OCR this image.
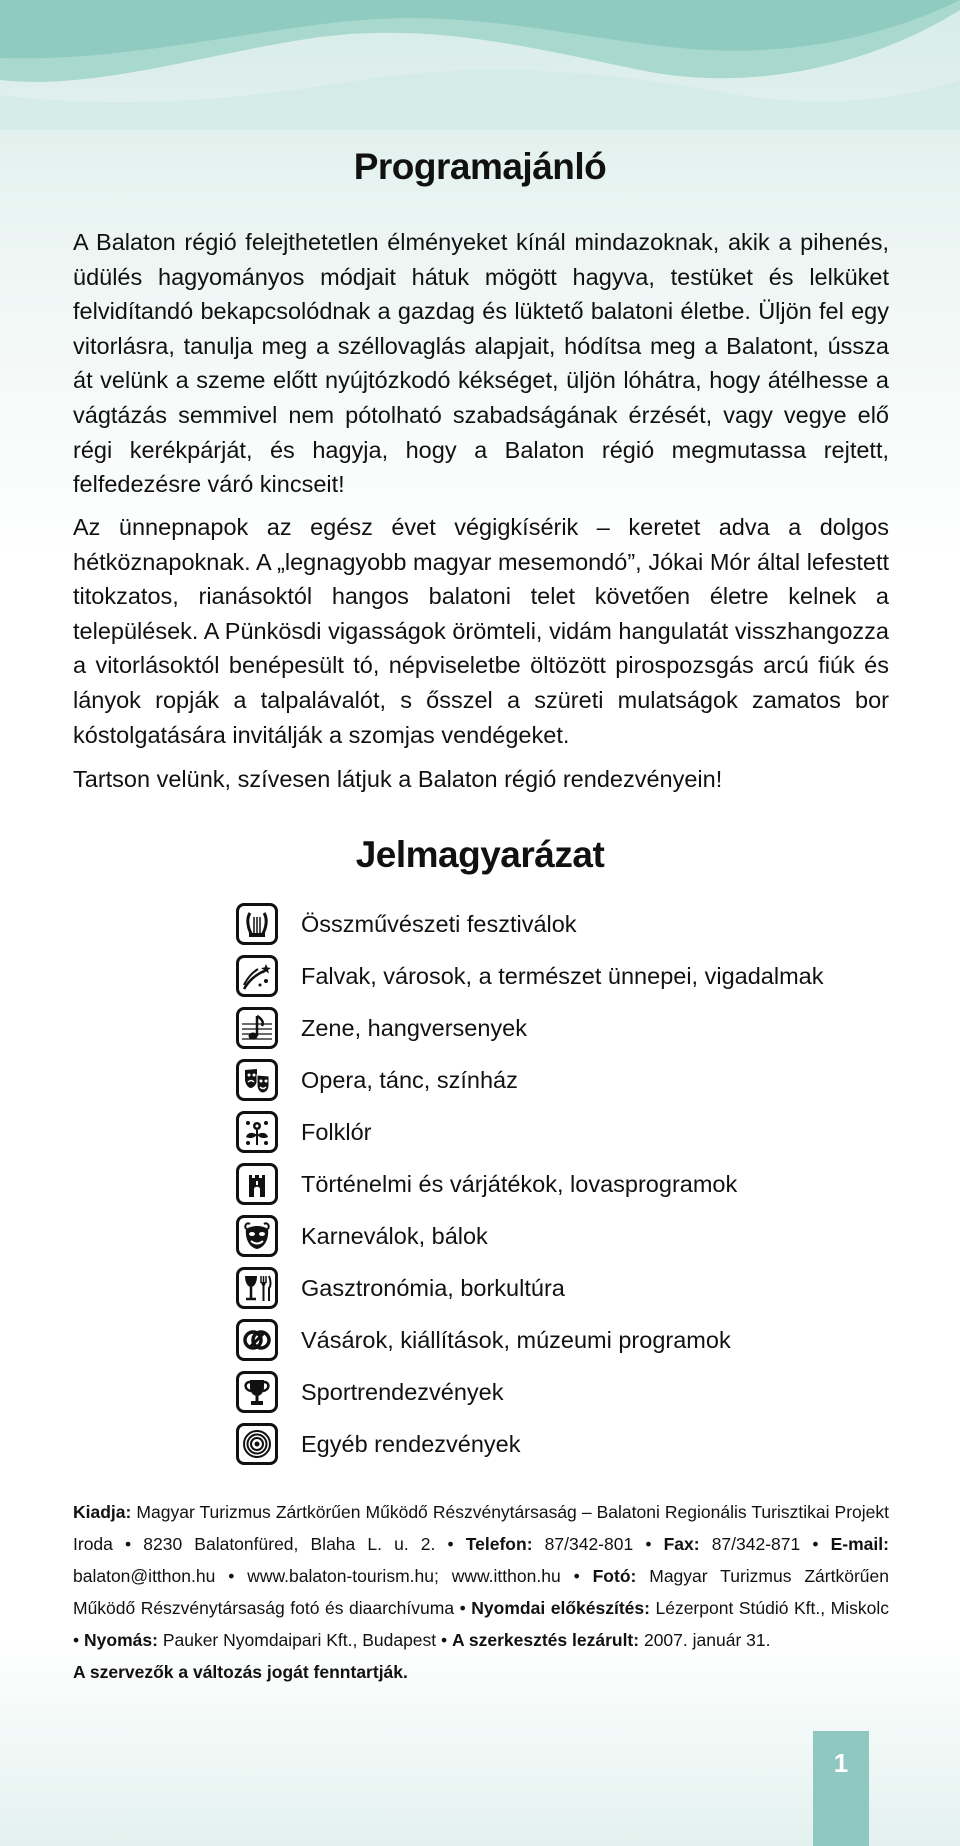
Programajánló
A Balaton régió felejthetetlen élményeket kínál mindazoknak, akik a pihenés, üdülés hagyományos módjait hátuk mögött hagyva, testüket és lelküket felvidítandó bekapcsolódnak a gazdag és lüktető balatoni életbe. Üljön fel egy vitorlásra, tanulja meg a széllovaglás alapjait, hódítsa meg a Balatont, ússza át velünk a szeme előtt nyújtózkodó kékséget, üljön lóhátra, hogy átélhesse a vágtázás semmivel nem pótolható szabadságának érzését, vagy vegye elő régi kerékpárját, és hagyja, hogy a Balaton régió megmutassa rejtett, felfedezésre váró kincseit!
Az ünnepnapok az egész évet végigkísérik – keretet adva a dolgos hétköznapoknak. A „legnagyobb magyar mesemondó”, Jókai Mór által lefestett titokzatos, rianásoktól hangos balatoni telet követően életre kelnek a települések. A Pünkösdi vigasságok örömteli, vidám hangulatát visszhangozza a vitorlásoktól benépesült tó, népviseletbe öltözött pirospozsgás arcú fiúk és lányok ropják a talpalávalót, s ősszel a szüreti mulatságok zamatos bor kóstolgatására invitálják a szomjas vendégeket.
Tartson velünk, szívesen látjuk a Balaton régió rendezvényein!
Jelmagyarázat
Összművészeti fesztiválok
Falvak, városok, a természet ünnepei, vigadalmak
Zene, hangversenyek
Opera, tánc, színház
Folklór
Történelmi és várjátékok, lovasprogramok
Karneválok, bálok
Gasztronómia, borkultúra
Vásárok, kiállítások, múzeumi programok
Sportrendezvények
Egyéb rendezvények
Kiadja: Magyar Turizmus Zártkörűen Működő Részvénytársaság – Balatoni Regionális Turisztikai Projekt Iroda • 8230 Balatonfüred, Blaha L. u. 2. • Telefon: 87/342-801 • Fax: 87/342-871 • E-mail: balaton@itthon.hu • www.balaton-tourism.hu; www.itthon.hu • Fotó: Magyar Turizmus Zártkörűen Működő Részvénytársaság fotó és diaarchívuma • Nyomdai előkészítés: Lézerpont Stúdió Kft., Miskolc • Nyomás: Pauker Nyomdaipari Kft., Budapest • A szerkesztés lezárult: 2007. január 31.
A szervezők a változás jogát fenntartják.
1
